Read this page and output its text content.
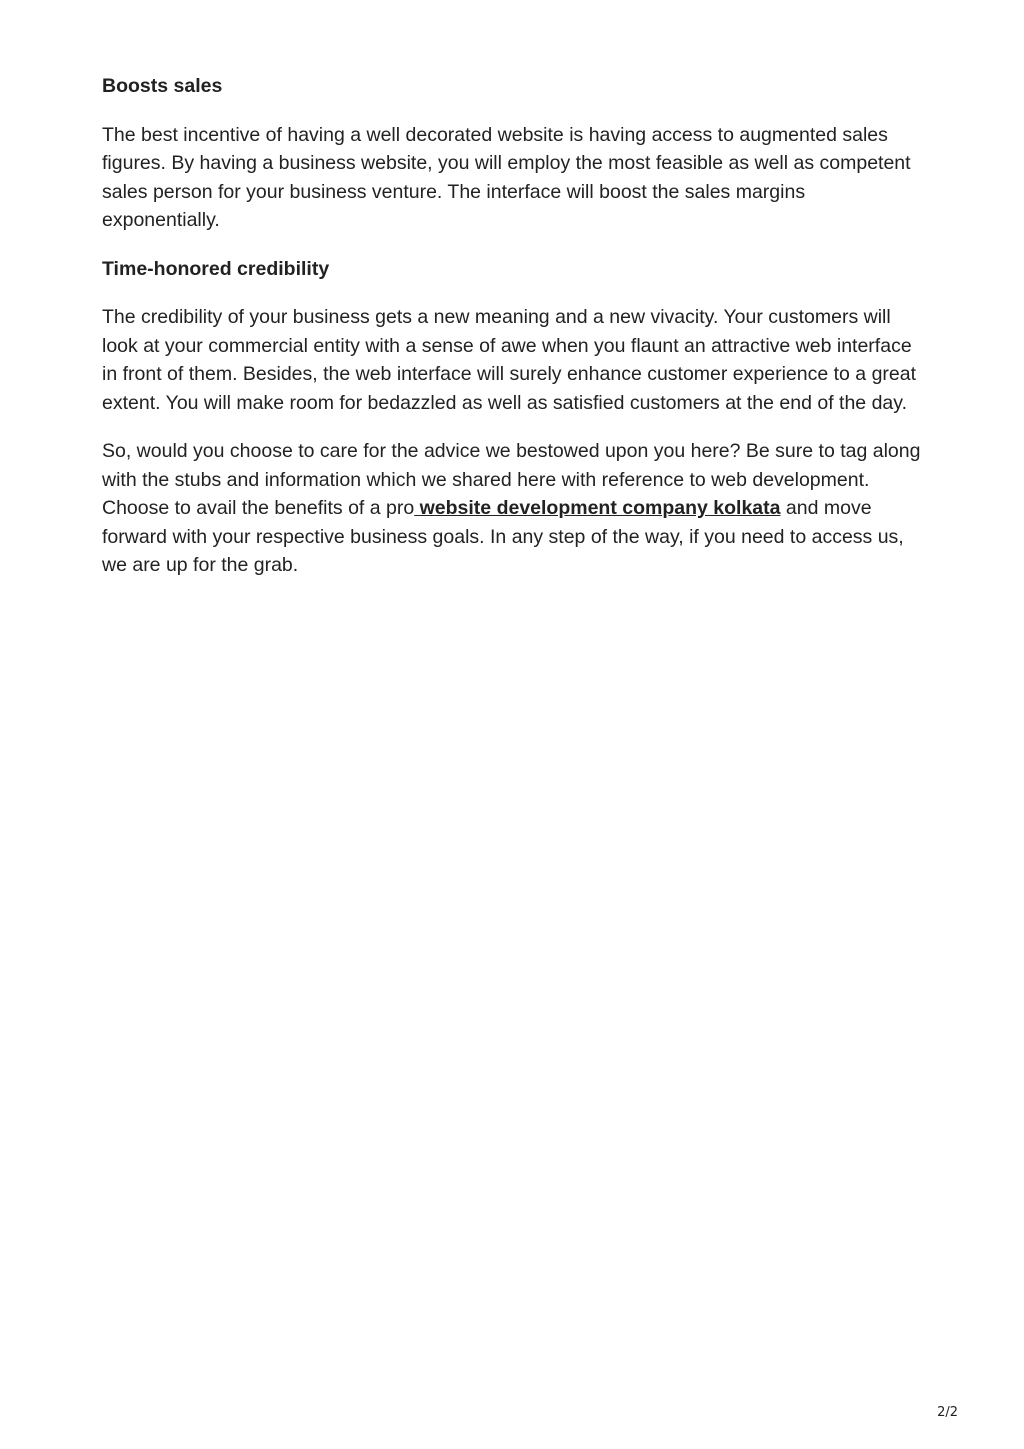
Boosts sales
The best incentive of having a well decorated website is having access to augmented sales figures. By having a business website, you will employ the most feasible as well as competent sales person for your business venture. The interface will boost the sales margins exponentially.
Time-honored credibility
The credibility of your business gets a new meaning and a new vivacity. Your customers will look at your commercial entity with a sense of awe when you flaunt an attractive web interface in front of them. Besides, the web interface will surely enhance customer experience to a great extent. You will make room for bedazzled as well as satisfied customers at the end of the day.
So, would you choose to care for the advice we bestowed upon you here? Be sure to tag along with the stubs and information which we shared here with reference to web development. Choose to avail the benefits of a pro website development company kolkata and move forward with your respective business goals. In any step of the way, if you need to access us, we are up for the grab.
2/2
